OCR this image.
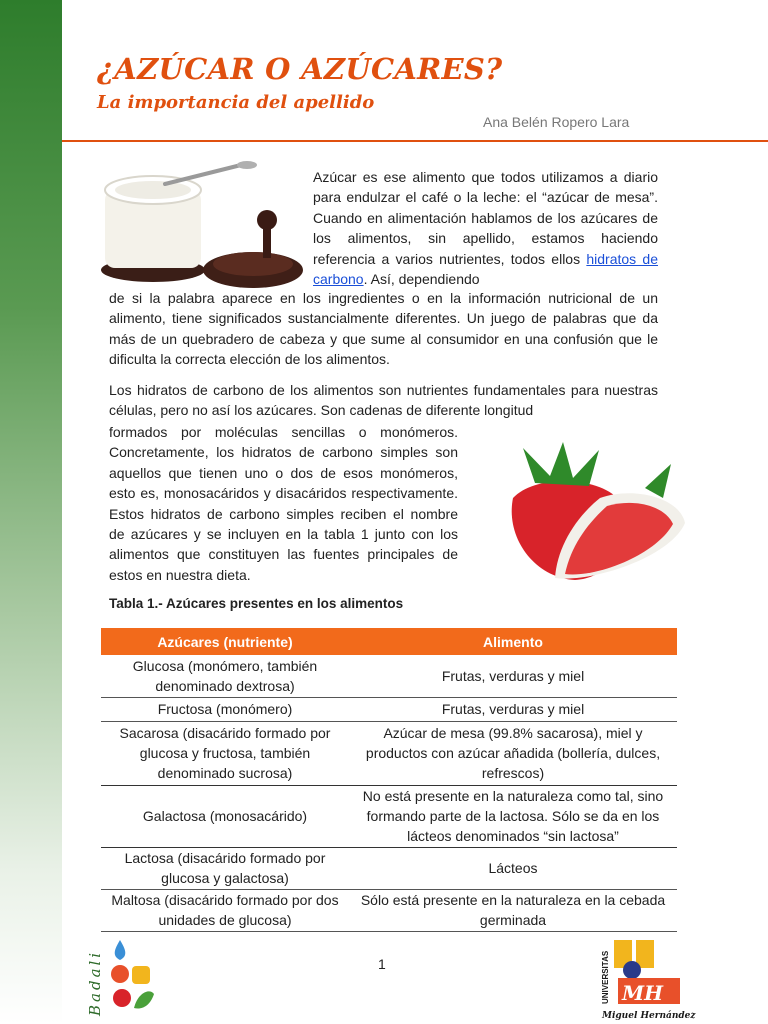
¿AZÚCAR O AZÚCARES?
La importancia del apellido
Ana Belén Ropero Lara

Azúcar es ese alimento que todos utilizamos a diario para endulzar el café o la leche: el “azúcar de mesa”. Cuando en alimentación hablamos de los azúcares de los alimentos, sin apellido, estamos haciendo referencia a varios nutrientes, todos ellos hidratos de carbono. Así, dependiendo

de si la palabra aparece en los ingredientes o en la información nutricional de un alimento, tiene significados sustancialmente diferentes. Un juego de palabras que da más de un quebradero de cabeza y que sume al consumidor en una confusión que le dificulta la correcta elección de los alimentos.

Los hidratos de carbono de los alimentos son nutrientes fundamentales para nuestras células, pero no así los azúcares. Son cadenas de diferente longitud

formados por moléculas sencillas o monómeros. Concretamente, los hidratos de carbono simples son aquellos que tienen uno o dos de esos monómeros, esto es, monosacáridos y disacáridos respectivamente. Estos hidratos de carbono simples reciben el nombre de azúcares y se incluyen en la tabla 1 junto con los alimentos que constituyen las fuentes principales de estos en nuestra dieta.

Tabla 1.- Azúcares presentes en los alimentos
Azúcares (nutriente)	Alimento
Glucosa (monómero, también denominado dextrosa)	Frutas, verduras y miel
Fructosa (monómero)	Frutas, verduras y miel
Sacarosa (disacárido formado por glucosa y fructosa, también denominado sucrosa)	Azúcar de mesa (99.8% sacarosa), miel y productos con azúcar añadida (bollería, dulces, refrescos)
Galactosa (monosacárido)	No está presente en la naturaleza como tal, sino formando parte de la lactosa. Sólo se da en los lácteos denominados “sin lactosa”
Lactosa (disacárido formado por glucosa y galactosa)	Lácteos
Maltosa (disacárido formado por dos unidades de glucosa)	Sólo está presente en la naturaleza en la cebada germinada
1
Badali	UNIVERSITAS MH
Miguel Hernández
